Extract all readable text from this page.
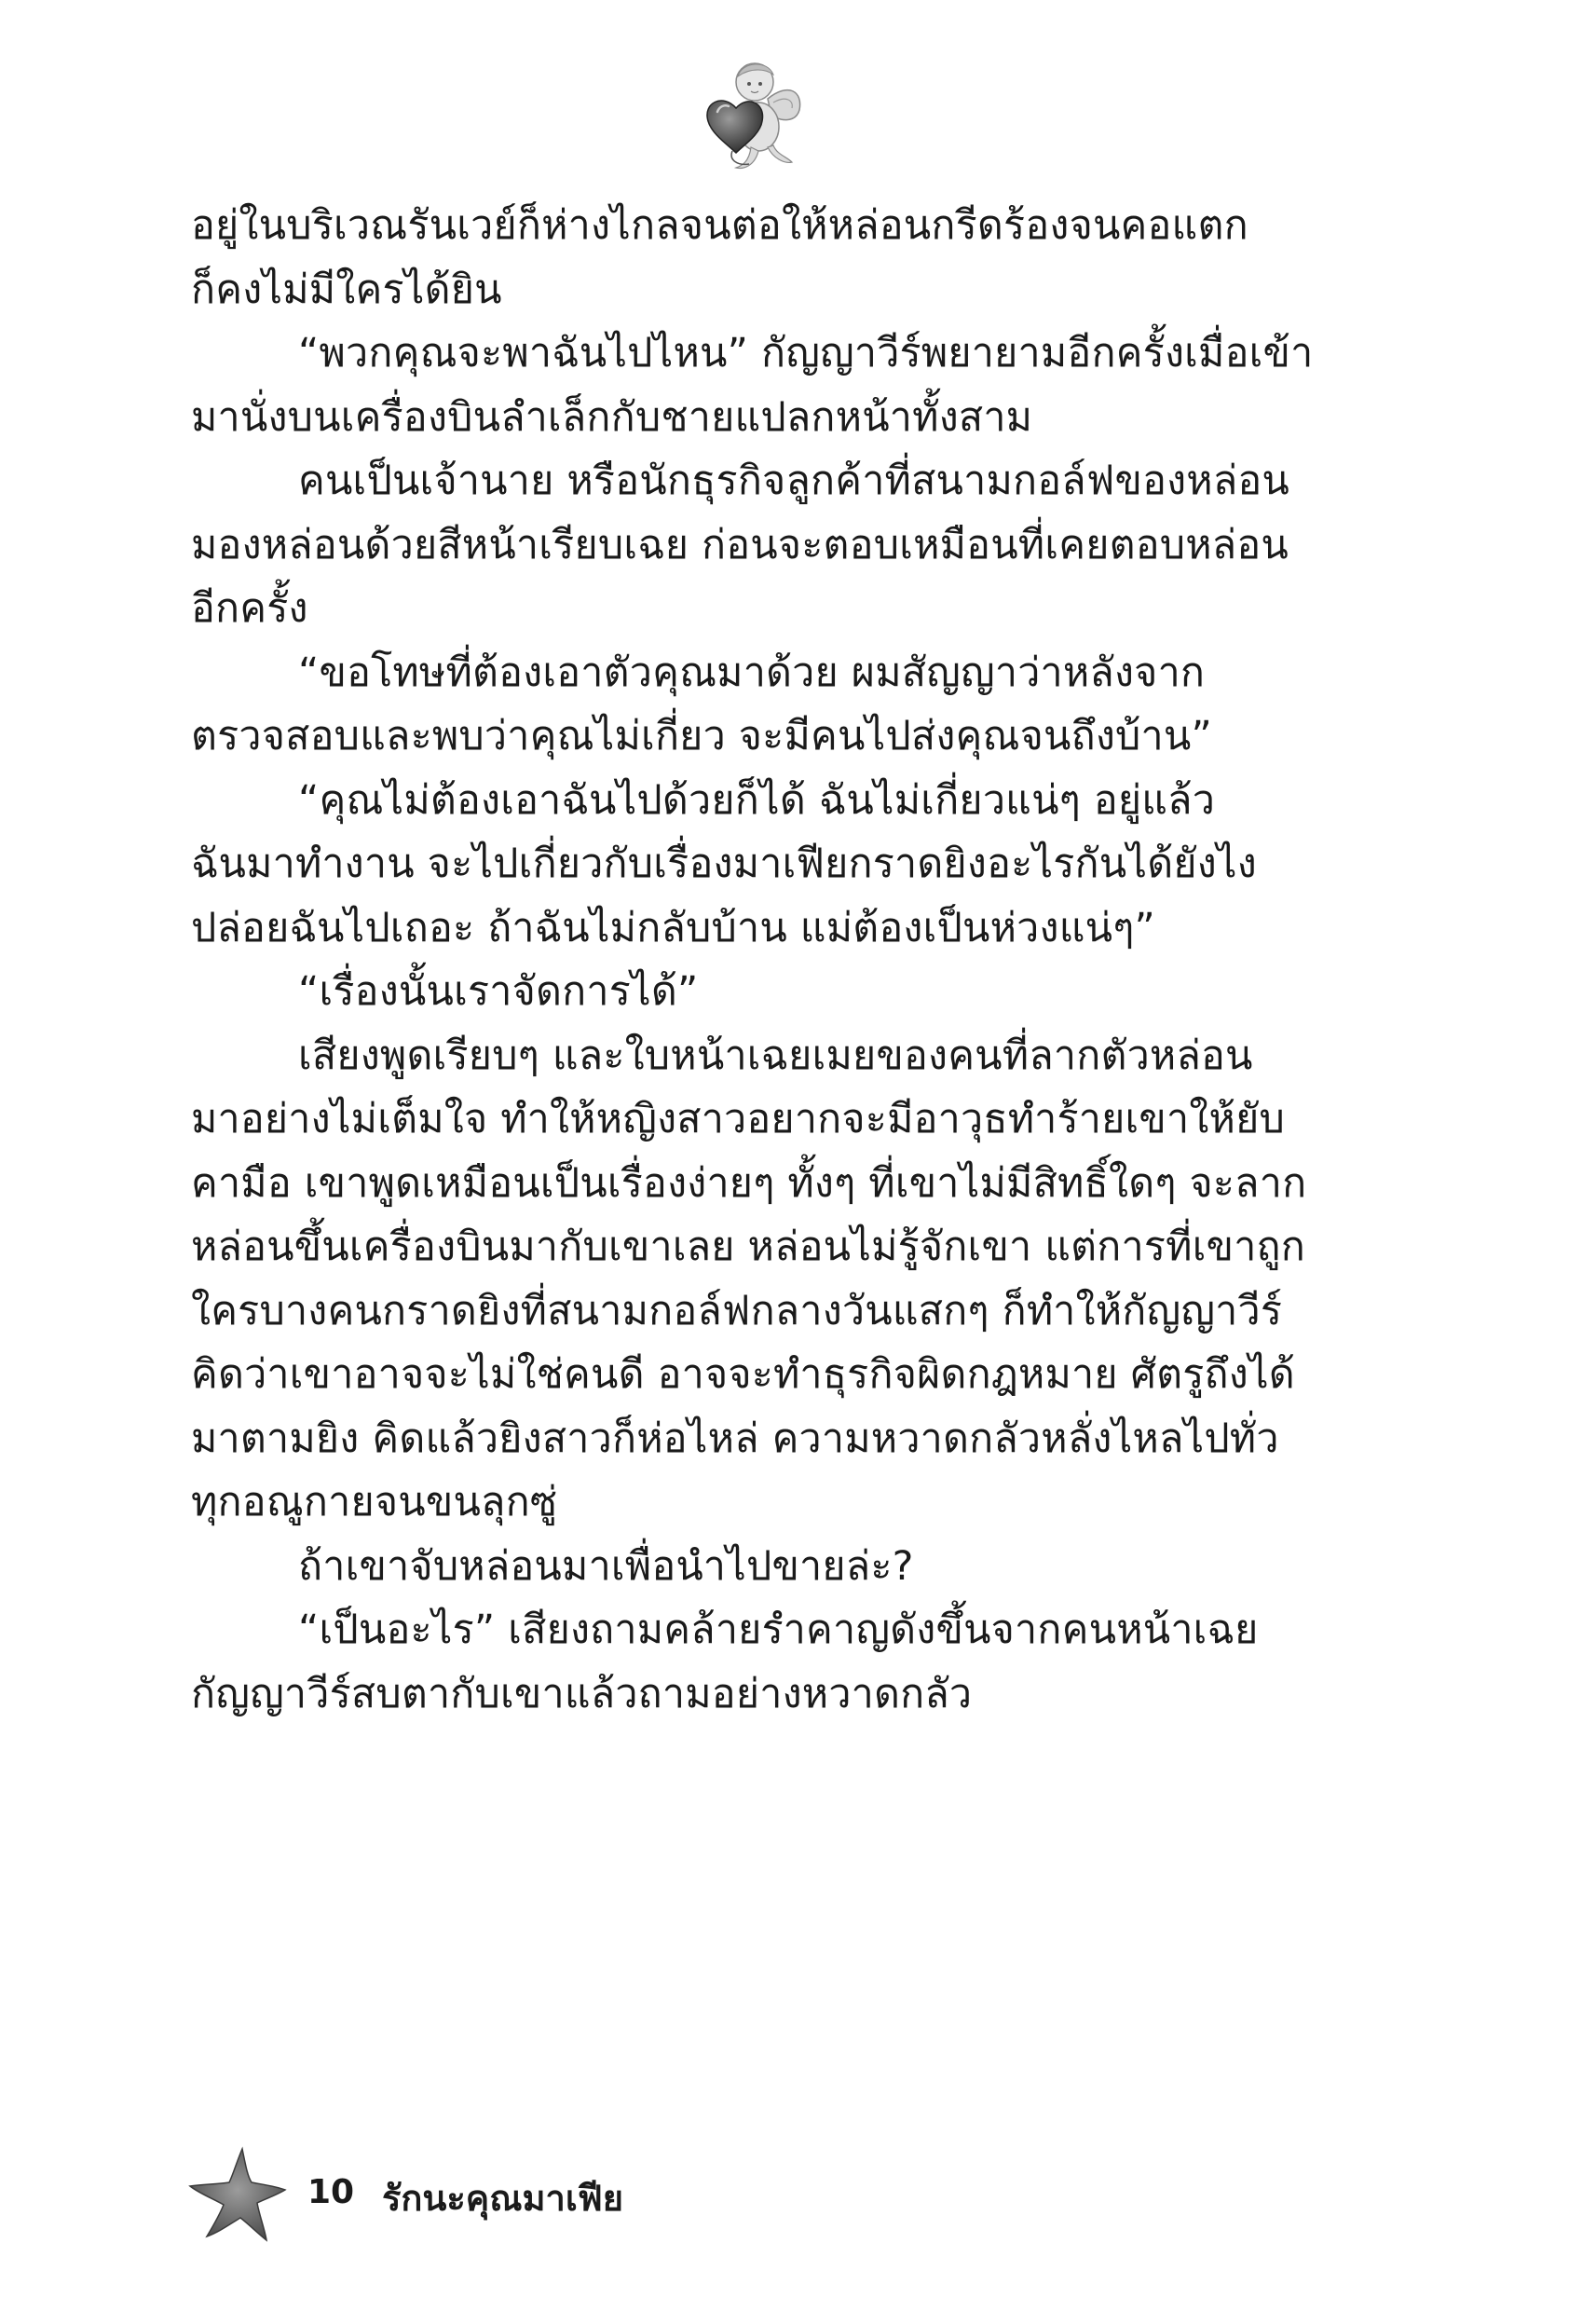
อยู่ในบริเวณรันเวย์ก็ห่างไกลจนต่อให้หล่อนกรีดร้องจนคอแตก
ก็คงไม่มีใครได้ยิน
“พวกคุณจะพาฉันไปไหน” กัญญาวีร์พยายามอีกครั้งเมื่อเข้า
มานั่งบนเครื่องบินลำเล็กกับชายแปลกหน้าทั้งสาม
คนเป็นเจ้านาย หรือนักธุรกิจลูกค้าที่สนามกอล์ฟของหล่อน
มองหล่อนด้วยสีหน้าเรียบเฉย ก่อนจะตอบเหมือนที่เคยตอบหล่อน
อีกครั้ง
“ขอโทษที่ต้องเอาตัวคุณมาด้วย ผมสัญญาว่าหลังจาก
ตรวจสอบและพบว่าคุณไม่เกี่ยว จะมีคนไปส่งคุณจนถึงบ้าน”
“คุณไม่ต้องเอาฉันไปด้วยก็ได้ ฉันไม่เกี่ยวแน่ๆ อยู่แล้ว
ฉันมาทำงาน จะไปเกี่ยวกับเรื่องมาเฟียกราดยิงอะไรกันได้ยังไง
ปล่อยฉันไปเถอะ ถ้าฉันไม่กลับบ้าน แม่ต้องเป็นห่วงแน่ๆ”
“เรื่องนั้นเราจัดการได้”
เสียงพูดเรียบๆ และใบหน้าเฉยเมยของคนที่ลากตัวหล่อน
มาอย่างไม่เต็มใจ ทำให้หญิงสาวอยากจะมีอาวุธทำร้ายเขาให้ยับ
คามือ เขาพูดเหมือนเป็นเรื่องง่ายๆ ทั้งๆ ที่เขาไม่มีสิทธิ์ใดๆ จะลาก
หล่อนขึ้นเครื่องบินมากับเขาเลย หล่อนไม่รู้จักเขา แต่การที่เขาถูก
ใครบางคนกราดยิงที่สนามกอล์ฟกลางวันแสกๆ ก็ทำให้กัญญาวีร์
คิดว่าเขาอาจจะไม่ใช่คนดี อาจจะทำธุรกิจผิดกฎหมาย ศัตรูถึงได้
มาตามยิง คิดแล้วยิงสาวก็ห่อไหล่ ความหวาดกลัวหลั่งไหลไปทั่ว
ทุกอณูกายจนขนลุกซู่
ถ้าเขาจับหล่อนมาเพื่อนำไปขายล่ะ?
“เป็นอะไร” เสียงถามคล้ายรำคาญดังขึ้นจากคนหน้าเฉย
กัญญาวีร์สบตากับเขาแล้วถามอย่างหวาดกลัว
10 รักนะคุณมาเฟีย
